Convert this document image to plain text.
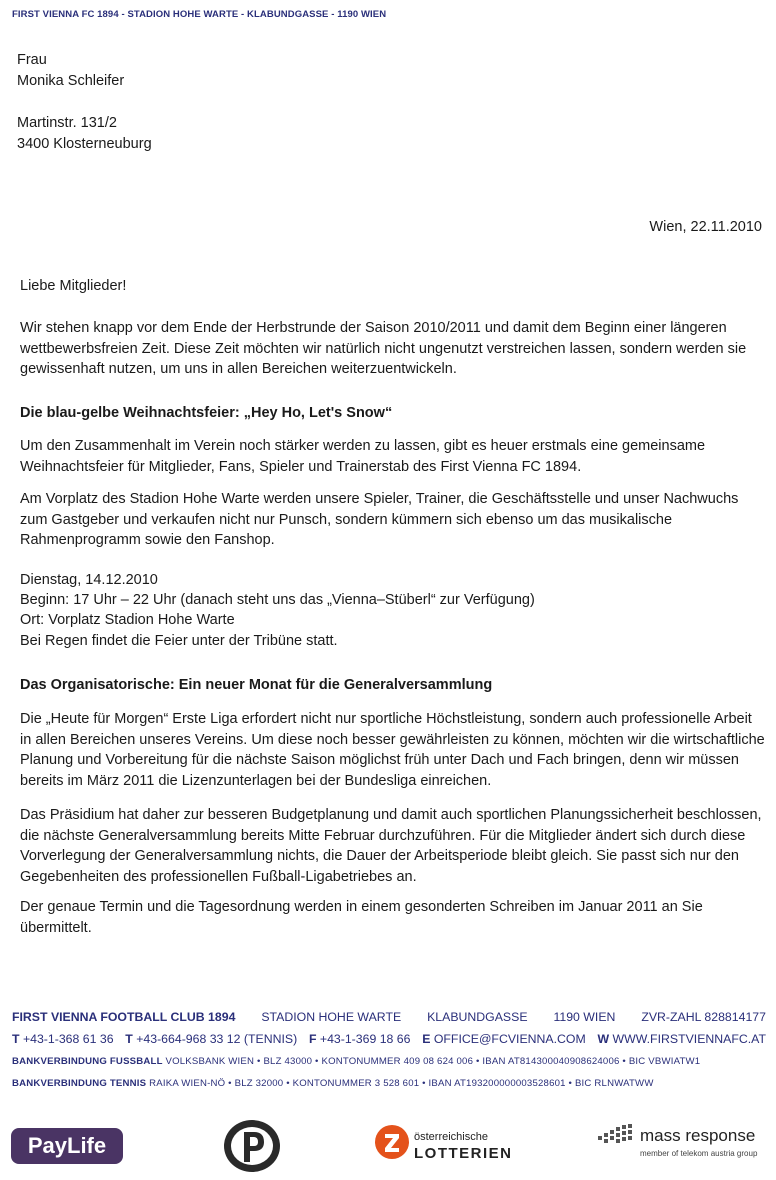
FIRST VIENNA FC 1894 - STADION HOHE WARTE - KLABUNDGASSE - 1190 WIEN
Frau
Monika Schleifer
Martinstr. 131/2
3400 Klosterneuburg
Wien, 22.11.2010
Liebe Mitglieder!
Wir stehen knapp vor dem Ende der Herbstrunde der Saison 2010/2011 und damit dem Beginn einer längeren wettbewerbsfreien Zeit. Diese Zeit möchten wir natürlich nicht ungenutzt verstreichen lassen, sondern werden sie gewissenhaft nutzen, um uns in allen Bereichen weiterzuentwickeln.
Die blau-gelbe Weihnachtsfeier: „Hey Ho, Let's Snow“
Um den Zusammenhalt im Verein noch stärker werden zu lassen, gibt es heuer erstmals eine gemeinsame Weihnachtsfeier für Mitglieder, Fans, Spieler und Trainerstab des First Vienna FC 1894.
Am Vorplatz des Stadion Hohe Warte werden unsere Spieler, Trainer, die Geschäftsstelle und unser Nachwuchs zum Gastgeber und verkaufen nicht nur Punsch, sondern kümmern sich ebenso um das musikalische Rahmenprogramm sowie den Fanshop.
Dienstag, 14.12.2010
Beginn: 17 Uhr – 22 Uhr (danach steht uns das „Vienna–Stüberl“ zur Verfügung)
Ort: Vorplatz Stadion Hohe Warte
Bei Regen findet die Feier unter der Tribüne statt.
Das Organisatorische: Ein neuer Monat für die Generalversammlung
Die „Heute für Morgen“ Erste Liga erfordert nicht nur sportliche Höchstleistung, sondern auch professionelle Arbeit in allen Bereichen unseres Vereins. Um diese noch besser gewährleisten zu können, möchten wir die wirtschaftliche Planung und Vorbereitung für die nächste Saison möglichst früh unter Dach und Fach bringen, denn wir müssen bereits im März 2011 die Lizenzunterlagen bei der Bundesliga einreichen.
Das Präsidium hat daher zur besseren Budgetplanung und damit auch sportlichen Planungssicherheit beschlossen, die nächste Generalversammlung bereits Mitte Februar durchzuführen. Für die Mitglieder ändert sich durch diese Vorverlegung der Generalversammlung nichts, die Dauer der Arbeitsperiode bleibt gleich. Sie passt sich nur den Gegebenheiten des professionellen Fußball-Ligabetriebes an.
Der genaue Termin und die Tagesordnung werden in einem gesonderten Schreiben im Januar 2011 an Sie übermittelt.
FIRST VIENNA FOOTBALL CLUB 1894 STADION HOHE WARTE KLABUNDGASSE 1190 WIEN ZVR-ZAHL 828814177
T +43-1-368 61 36 T +43-664-968 33 12 (TENNIS) F +43-1-369 18 66 E OFFICE@FCVIENNA.COM W WWW.FIRSTVIENNAFC.AT
BANKVERBINDUNG FUSSBALL VOLKSBANK WIEN • BLZ 43000 • KONTONUMMER 409 08 624 006 • IBAN AT814300040908624006 • BIC VBWIATW1
BANKVERBINDUNG TENNIS RAIKA WIEN-NÖ • BLZ 32000 • KONTONUMMER 3 528 601 • IBAN AT193200000003528601 • BIC RLNWATWW
PayLife	österreichische
LOTTERIEN
mass response
member of telekom austria group
